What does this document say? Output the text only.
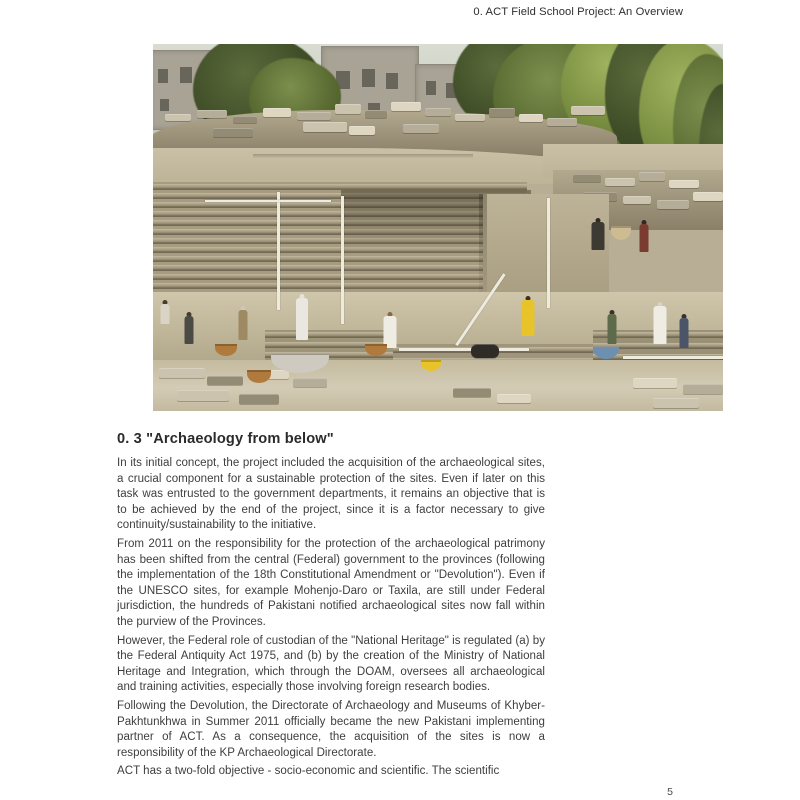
0. ACT Field School Project: An Overview
0. 3 "Archaeology from below"

In its initial concept, the project included the acquisition of the archaeological sites, a crucial component for a sustainable protection of the sites. Even if later on this task was entrusted to the government departments, it remains an objective that is to be achieved by the end of the project, since it is a factor necessary to give continuity/sustainability to the initiative.

From 2011 on the responsibility for the protection of the archaeological patrimony has been shifted from the central (Federal) government to the provinces (following the implementation of the 18th Constitutional Amendment or "Devolution"). Even if the UNESCO sites, for example Mohenjo-Daro or Taxila, are still under Federal jurisdiction, the hundreds of Pakistani notified archaeological sites now fall within the purview of the Provinces.

However, the Federal role of custodian of the "National Heritage" is regulated (a) by the Federal Antiquity Act 1975, and (b) by the creation of the Ministry of National Heritage and Integration, which through the DOAM, oversees all archaeological and training activities, especially those involving foreign research bodies.

Following the Devolution, the Directorate of Archaeology and Museums of Khyber-Pakhtunkhwa in Summer 2011 officially became the new Pakistani implementing partner of ACT. As a consequence, the acquisition of the sites is now a responsibility of the KP Archaeological Directorate.

ACT has a two-fold objective - socio-economic and scientific. The scientific

5
